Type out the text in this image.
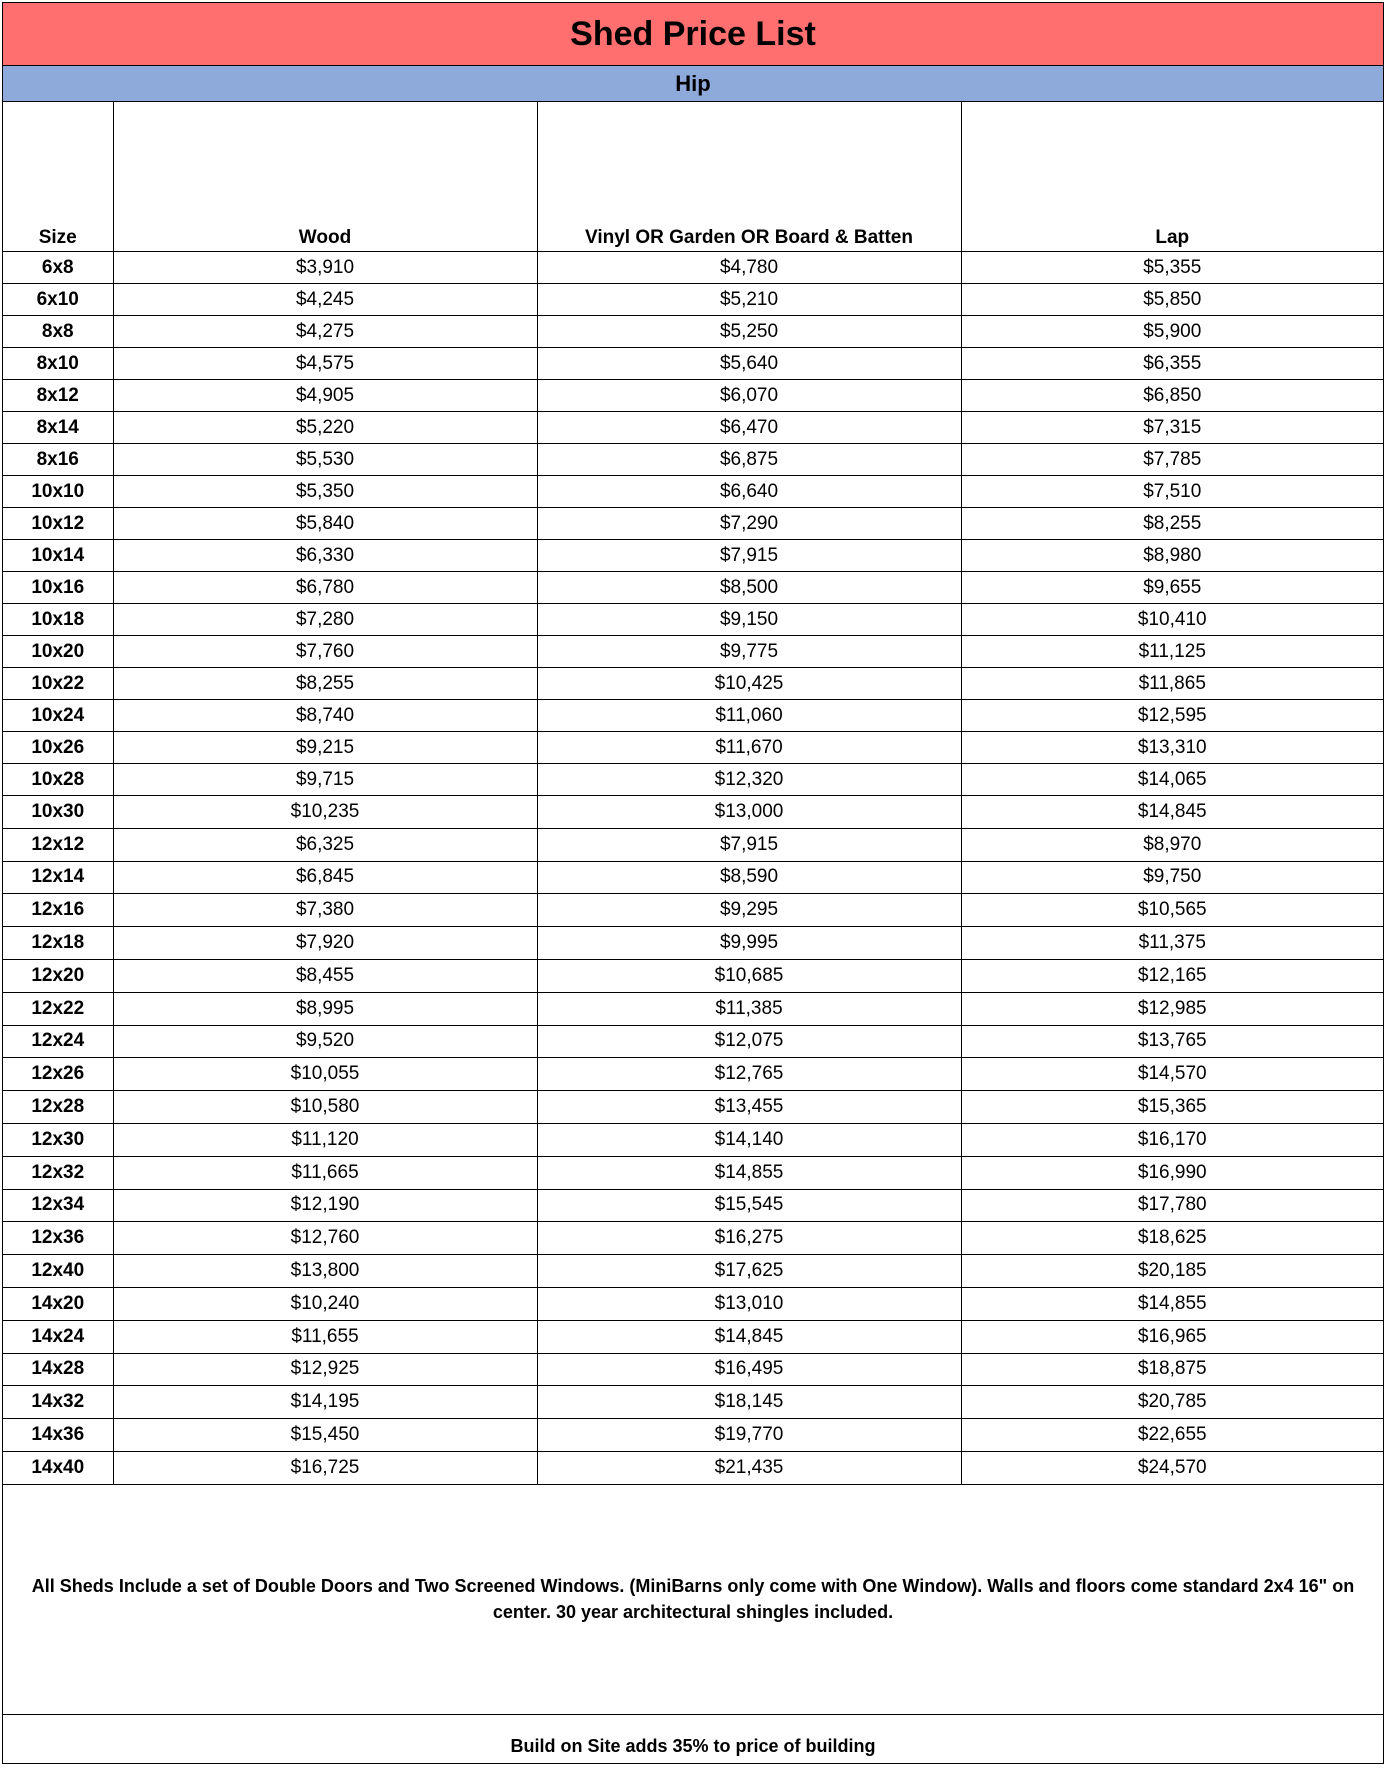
Shed Price List
Hip
Size	Wood	Vinyl OR Garden OR Board & Batten	Lap
6x8	$3,910	$4,780	$5,355
6x10	$4,245	$5,210	$5,850
8x8	$4,275	$5,250	$5,900
8x10	$4,575	$5,640	$6,355
8x12	$4,905	$6,070	$6,850
8x14	$5,220	$6,470	$7,315
8x16	$5,530	$6,875	$7,785
10x10	$5,350	$6,640	$7,510
10x12	$5,840	$7,290	$8,255
10x14	$6,330	$7,915	$8,980
10x16	$6,780	$8,500	$9,655
10x18	$7,280	$9,150	$10,410
10x20	$7,760	$9,775	$11,125
10x22	$8,255	$10,425	$11,865
10x24	$8,740	$11,060	$12,595
10x26	$9,215	$11,670	$13,310
10x28	$9,715	$12,320	$14,065
10x30	$10,235	$13,000	$14,845
12x12	$6,325	$7,915	$8,970
12x14	$6,845	$8,590	$9,750
12x16	$7,380	$9,295	$10,565
12x18	$7,920	$9,995	$11,375
12x20	$8,455	$10,685	$12,165
12x22	$8,995	$11,385	$12,985
12x24	$9,520	$12,075	$13,765
12x26	$10,055	$12,765	$14,570
12x28	$10,580	$13,455	$15,365
12x30	$11,120	$14,140	$16,170
12x32	$11,665	$14,855	$16,990
12x34	$12,190	$15,545	$17,780
12x36	$12,760	$16,275	$18,625
12x40	$13,800	$17,625	$20,185
14x20	$10,240	$13,010	$14,855
14x24	$11,655	$14,845	$16,965
14x28	$12,925	$16,495	$18,875
14x32	$14,195	$18,145	$20,785
14x36	$15,450	$19,770	$22,655
14x40	$16,725	$21,435	$24,570
All Sheds Include a set of Double Doors and Two Screened Windows. (MiniBarns only come with One Window). Walls and floors come standard 2x4 16" on center. 30 year architectural shingles included.
Build on Site adds 35% to price of building
